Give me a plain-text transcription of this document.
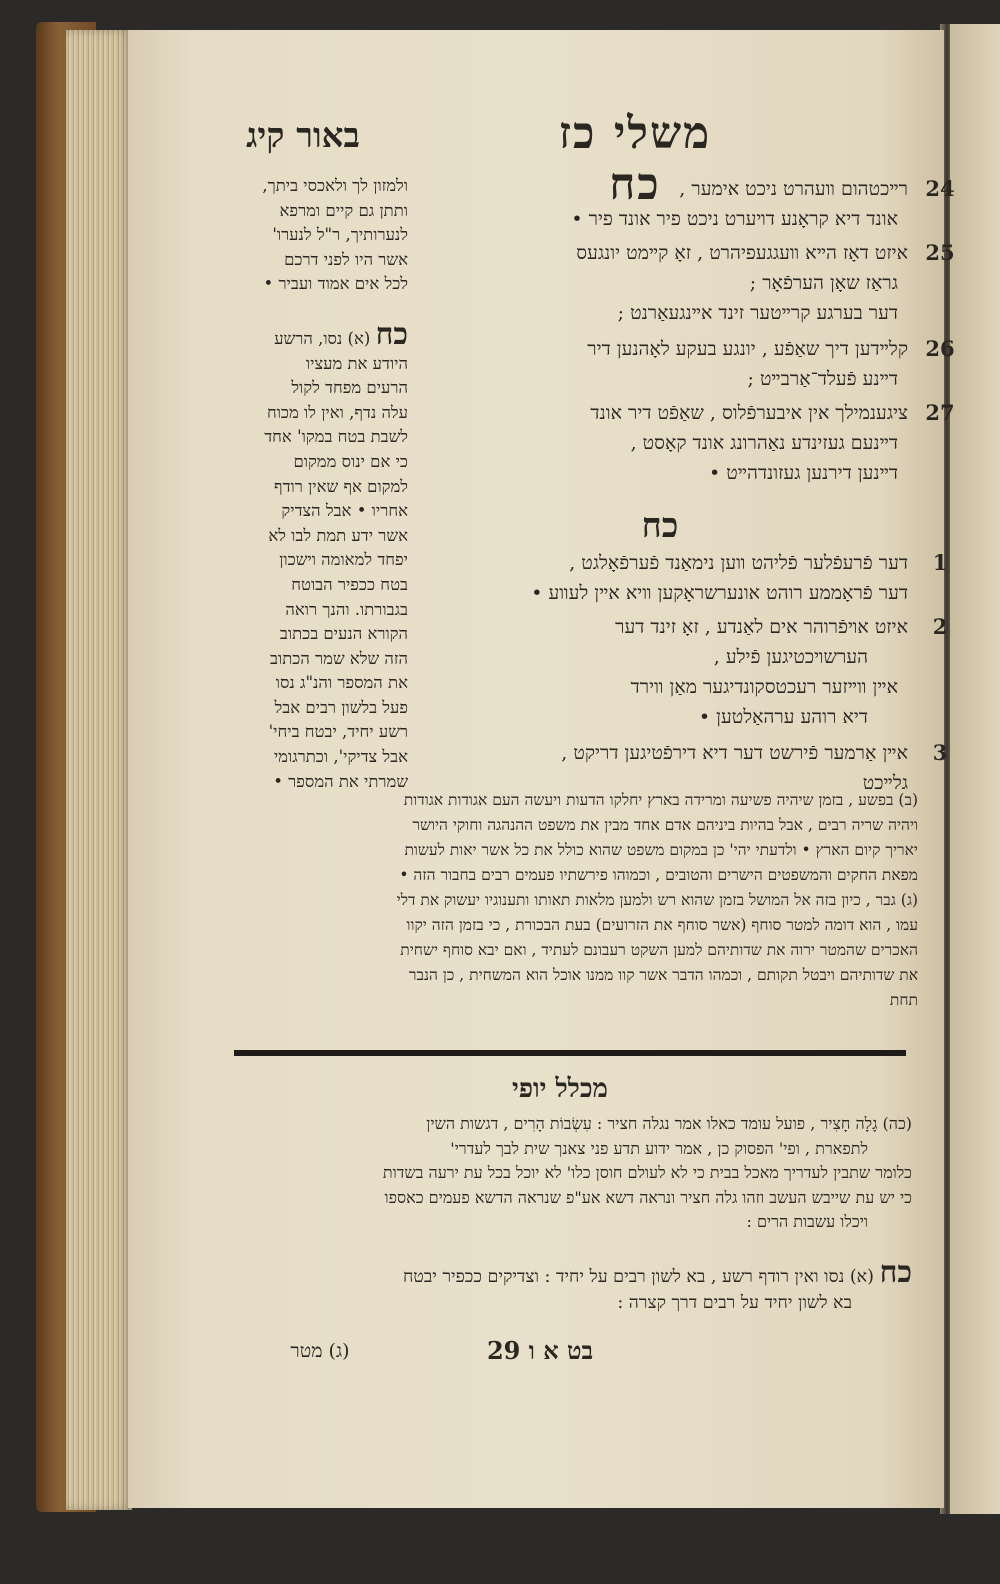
משלי כז כח
באור קיג

ולמזון לך ולאכסי ביתך,

ותתן גם קיים ומרפא

לנערותיך, ר"ל לנערו'

אשר היו לפני דרכם

לכל אים אמוד ועביר •

כח (א) נסו, הרשע

היודע את מעציו

הרעים מפחד לקול

עלה נדף, ואין לו מכוח

לשבת בטח במקו' אחד

כי אם ינוס ממקום

למקום אף שאין רודף

אחריו • אבל הצדיק

אשר ידע תמת לבו לא

יפחד למאומה וישכון

בטח ככפיר הבוטח

בגבורתו. והנך רואה

הקורא הנעים בכתוב

הזה שלא שמר הכתוב

את המספר והנ"ג נסו

פעל בלשון רבים אבל

רשע יחיד, יבטח ביחי'

אבל צדיקי', וכתרגומי

שמרתי את המספר •

24
רײכטהום װעהרט ניכט אימער ,
אונד דיא קראָנע דױערט ניכט פיר אונד פיר •
25
איזט דאָז הײא װעגגעפיהרט , זאָ קײמט יונגעס
גראַז שאָן הערפֿאָר ;
דער בערגע קרײטער זינד אײנגעאַרנט ;
26
קלײדען דיך שאַפֿע , יונגע בעקע לאָהנען דיר
דײנע פֿעלד־אַרבײט ;
27
ציגענמילך אין איבערפֿלוס , שאַפֿט דיר אונד
דײנעם געזינדע נאַהרונג אונד קאָסט ,
דײנען דירנען געזונדהײט •
כח
1
דער פֿרעפֿלער פֿליהט װען נימאַנד פֿערפֿאָלגט ,
דער פֿראָממע רוהט אונערשראָקען װיא אײן לעװע •
2
איזט אױפֿרוהר אים לאַנדע , זאָ זינד דער
הערשױכטיגען פֿילע ,
אײן װײזער רעכטסקונדיגער מאַן װירד
דיא רוהע ערהאַלטען •
3
אײן אַרמער פֿירשט דער דיא דירפֿטיגען דריקט ,
גלײכט
(ב) בפשע , בזמן שיהיה פשיעה ומרידה בארץ יחלקו הדעות ויעשה העם אגודות אגודות
ויהיה שריה רבים , אבל בהיות ביניהם אדם אחד מבין את משפט ההנהגה וחוקי היושר
יאריך קיום הארץ • ולדעתי יהי' כן במקום משפט שהוא כולל את כל אשר יאות לעשות
מפאת החקים והמשפטים הישרים והטובים , וכמוהו פירשתיו פעמים רבים בחבור הזה •
(ג) גבר , כיון בזה אל המושל בזמן שהוא רש ולמען מלאות תאותו ותענוגיו יעשוק את דלי
עמו , הוא דומה למטר סוחף (אשר סוחף את הזרועים) בעת הבכורת , כי בזמן הזה יקוו
האכרים שהמטר ירוה את שדותיהם למען השקט רעבונם לעתיד , ואם יבא סוחף ישחית
את שדותיהם ויבטל תקותם , וכמהו הדבר אשר קוו ממנו אוכל הוא המשחית , כן הנבר
תחת
מכלל יופי
(כה) גָלָה חָצִיר , פועל עומד כאלו אמר נגלה חציר : עִשְׂבוֹת הָרִים , דגשות השין
לתפארת , ופי' הפסוק כן , אמר ידוע תדע פני צאנך שית לבך לעדרי'
כלומר שתבין לעדריך מאכל בבית כי לא לעולם חוסן כלו' לא יוכל בכל עת ירעה בשדות
כי יש עת שייבש העשב וזהו גלה חציר ונראה דשא אע"פ שנראה הדשא פעמים כאספו
ויכלו עשבות הרים :
כח (א) נסו ואין רודף רשע , בא לשון רבים על יחיד : וצדיקים ככפיר יבטח
בא לשון יחיד על רבים דרך קצרה :
בט א ו 29
(ג) מטר
